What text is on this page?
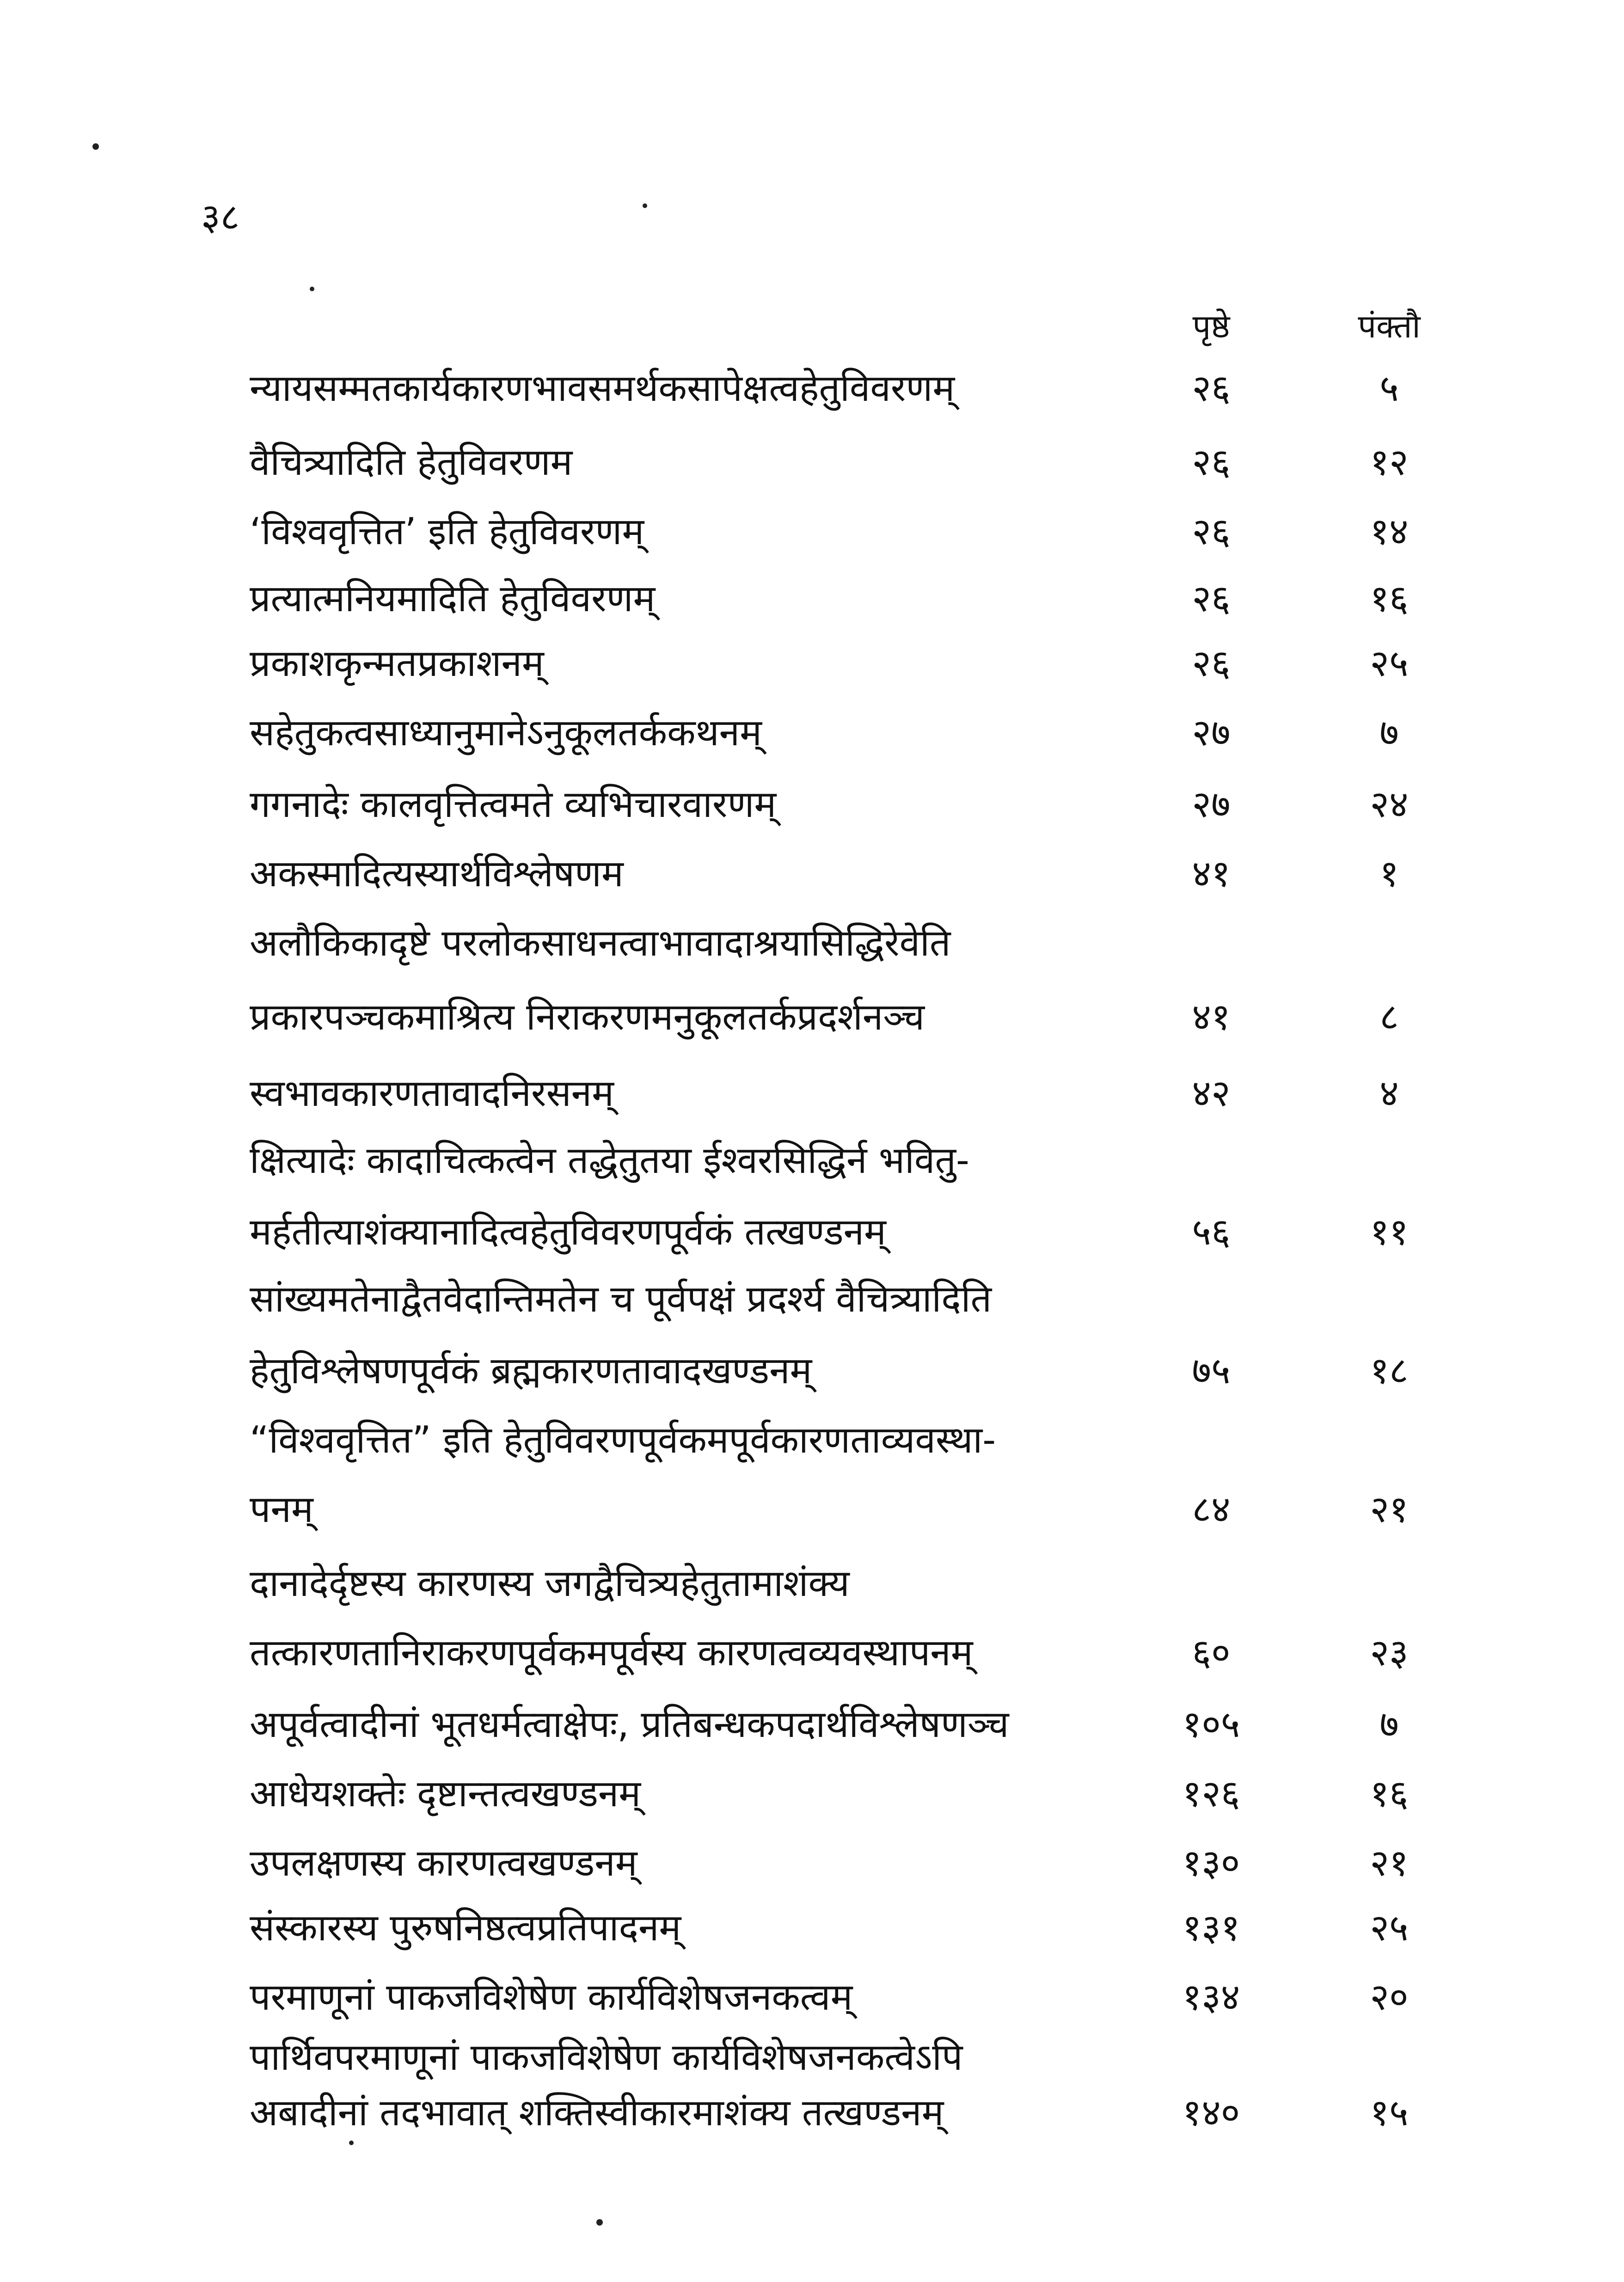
३८
पृष्ठे	पंक्तौ
न्यायसम्मतकार्यकारणभावसमर्थकसापेक्षत्वहेतुविवरणम्	२६	५
वैचित्र्यादिति हेतुविवरणम	२६	१२
‘विश्ववृत्तित’ इति हेतुविवरणम्	२६	१४
प्रत्यात्मनियमादिति हेतुविवरणम्	२६	१६
प्रकाशकृन्मतप्रकाशनम्	२६	२५
सहेतुकत्वसाध्यानुमानेऽनुकूलतर्ककथनम्	२७	७
गगनादेः कालवृत्तित्वमते व्यभिचारवारणम्	२७	२४
अकस्मादित्यस्यार्थविश्लेषणम	४१	१
अलौकिकादृष्टे परलोकसाधनत्वाभावादाश्रयासिद्धिरेवेति
प्रकारपञ्चकमाश्रित्य निराकरणमनुकूलतर्कप्रदर्शनञ्च	४१	८
स्वभावकारणतावादनिरसनम्	४२	४
क्षित्यादेः कादाचित्कत्वेन तद्धेतुतया ईश्वरसिद्धिर्न भवितु-
मर्हतीत्याशंक्यानादित्वहेतुविवरणपूर्वकं तत्खण्डनम्	५६	११
सांख्यमतेनाद्वैतवेदान्तिमतेन च पूर्वपक्षं प्रदर्श्य वैचित्र्यादिति
हेतुविश्लेषणपूर्वकं ब्रह्मकारणतावादखण्डनम्	७५	१८
“विश्ववृत्तित” इति हेतुविवरणपूर्वकमपूर्वकारणताव्यवस्था-
पनम्	८४	२१
दानादेर्दृष्टस्य कारणस्य जगद्वैचित्र्यहेतुतामाशंक्य
तत्कारणतानिराकरणपूर्वकमपूर्वस्य कारणत्वव्यवस्थापनम्	६०	२३
अपूर्वत्वादीनां भूतधर्मत्वाक्षेपः, प्रतिबन्धकपदार्थविश्लेषणञ्च	१०५	७
आधेयशक्तेः दृष्टान्तत्वखण्डनम्	१२६	१६
उपलक्षणस्य कारणत्वखण्डनम्	१३०	२१
संस्कारस्य पुरुषनिष्ठत्वप्रतिपादनम्	१३१	२५
परमाणूनां पाकजविशेषेण कार्यविशेषजनकत्वम्	१३४	२०
पार्थिवपरमाणूनां पाकजविशेषेण कार्यविशेषजनकत्वेऽपि
अबादीनां तदभावात् शक्तिस्वीकारमाशंक्य तत्खण्डनम्	१४०	१५
